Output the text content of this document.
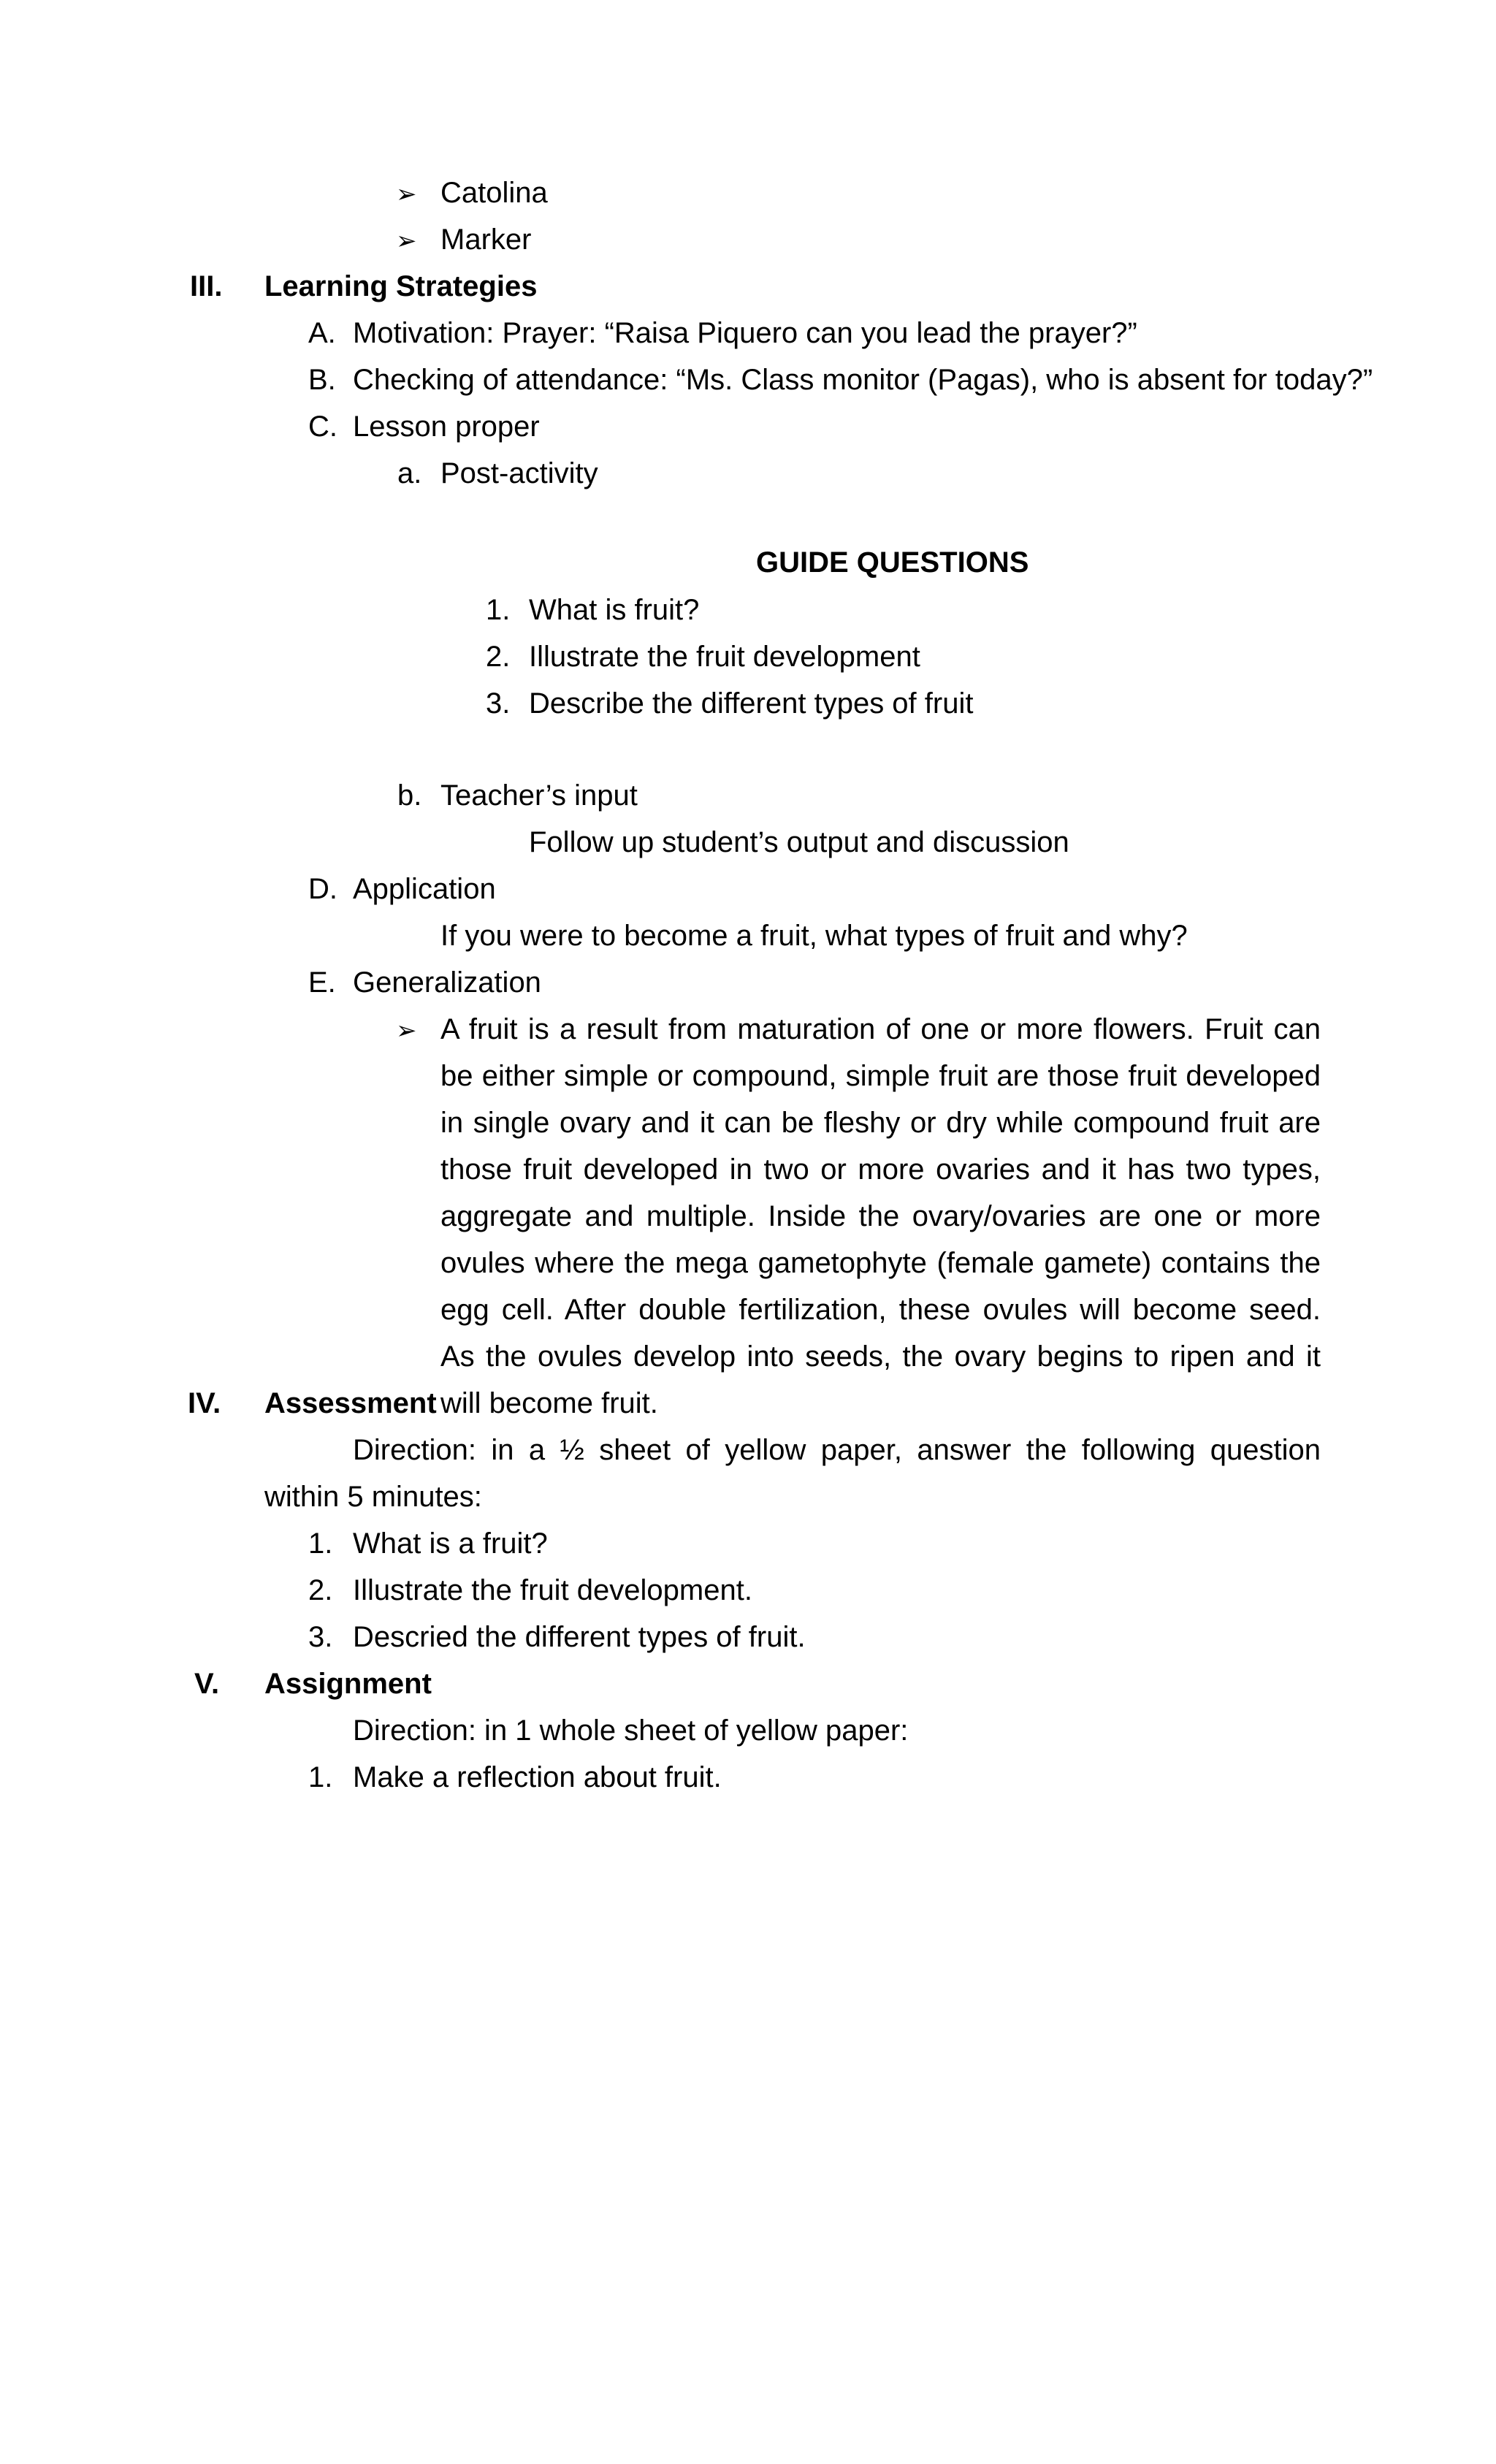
➢ Catolina
➢ Marker
III. Learning Strategies
A. Motivation: Prayer: “Raisa Piquero can you lead the prayer?”
B. Checking of attendance: “Ms. Class monitor (Pagas), who is absent for today?”
C. Lesson proper
a. Post-activity
GUIDE QUESTIONS
1. What is fruit?
2. Illustrate the fruit development
3. Describe the different types of fruit
b. Teacher’s input
Follow up student’s output and discussion
D. Application
If you were to become a fruit, what types of fruit and why?
E. Generalization
➢ A fruit is a result from maturation of one or more flowers. Fruit can be either simple or compound, simple fruit are those fruit developed in single ovary and it can be fleshy or dry while compound fruit are those fruit developed in two or more ovaries and it has two types, aggregate and multiple. Inside the ovary/ovaries are one or more ovules where the mega gametophyte (female gamete) contains the egg cell. After double fertilization, these ovules will become seed. As the ovules develop into seeds, the ovary begins to ripen and it will become fruit.
IV. Assessment
Direction: in a ½ sheet of yellow paper, answer the following question within 5 minutes:
1. What is a fruit?
2. Illustrate the fruit development.
3. Descried the different types of fruit.
V. Assignment
Direction: in 1 whole sheet of yellow paper:
1. Make a reflection about fruit.
